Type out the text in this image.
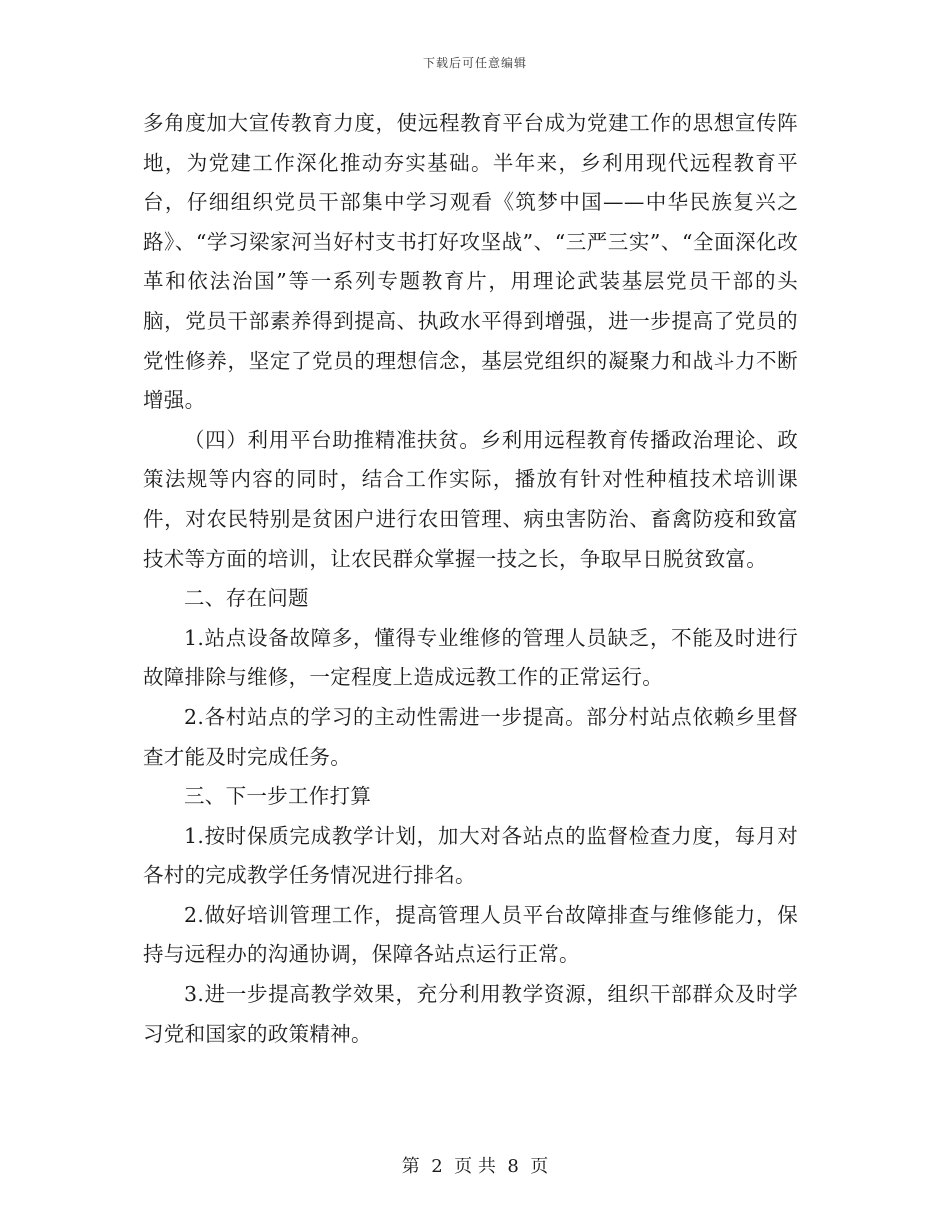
下载后可任意编辑

多角度加大宣传教育力度，使远程教育平台成为党建工作的思想宣传阵地，为党建工作深化推动夯实基础。半年来，乡利用现代远程教育平台，仔细组织党员干部集中学习观看《筑梦中国——中华民族复兴之路》、“学习梁家河当好村支书打好攻坚战”、“三严三实”、“全面深化改革和依法治国”等一系列专题教育片，用理论武装基层党员干部的头脑，党员干部素养得到提高、执政水平得到增强，进一步提高了党员的党性修养，坚定了党员的理想信念，基层党组织的凝聚力和战斗力不断增强。

（四）利用平台助推精准扶贫。乡利用远程教育传播政治理论、政策法规等内容的同时，结合工作实际，播放有针对性种植技术培训课件，对农民特别是贫困户进行农田管理、病虫害防治、畜禽防疫和致富技术等方面的培训，让农民群众掌握一技之长，争取早日脱贫致富。

二、存在问题

1.站点设备故障多，懂得专业维修的管理人员缺乏，不能及时进行故障排除与维修，一定程度上造成远教工作的正常运行。

2.各村站点的学习的主动性需进一步提高。部分村站点依赖乡里督查才能及时完成任务。

三、下一步工作打算

1.按时保质完成教学计划，加大对各站点的监督检查力度，每月对各村的完成教学任务情况进行排名。

2.做好培训管理工作，提高管理人员平台故障排查与维修能力，保持与远程办的沟通协调，保障各站点运行正常。

3.进一步提高教学效果，充分利用教学资源，组织干部群众及时学习党和国家的政策精神。

第  2  页 共  8  页
